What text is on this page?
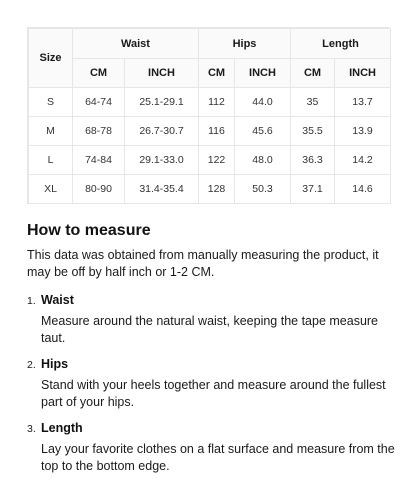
Size	Waist		Hips		Length	
	CM	INCH	CM	INCH	CM	INCH
S	64-74	25.1-29.1	112	44.0	35	13.7
M	68-78	26.7-30.7	116	45.6	35.5	13.9
L	74-84	29.1-33.0	122	48.0	36.3	14.2
XL	80-90	31.4-35.4	128	50.3	37.1	14.6
How to measure

This data was obtained from manually measuring the product, it may be off by half inch or 1-2 CM.

1. Waist
Measure around the natural waist, keeping the tape measure taut.
2. Hips
Stand with your heels together and measure around the fullest part of your hips.
3. Length
Lay your favorite clothes on a flat surface and measure from the top to the bottom edge.
